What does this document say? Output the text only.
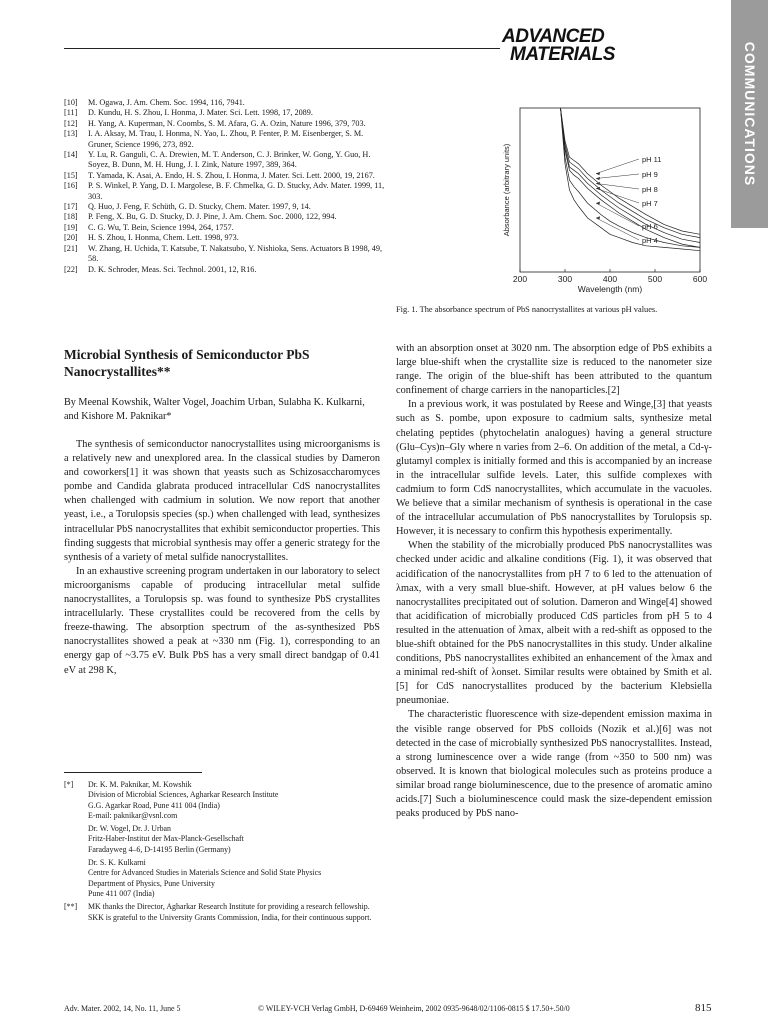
ADVANCED
MATERIALS	COMMUNICATIONS
[10] M. Ogawa, J. Am. Chem. Soc. 1994, 116, 7941.
[11] D. Kundu, H. S. Zhou, I. Honma, J. Mater. Sci. Lett. 1998, 17, 2089.
[12] H. Yang, A. Kuperman, N. Coombs, S. M. Afara, G. A. Ozin, Nature 1996, 379, 703.
[13] I. A. Aksay, M. Trau, I. Honma, N. Yao, L. Zhou, P. Fenter, P. M. Eisenberger, S. M. Gruner, Science 1996, 273, 892.
[14] Y. Lu, R. Ganguli, C. A. Drewien, M. T. Anderson, C. J. Brinker, W. Gong, Y. Guo, H. Soyez, B. Dunn, M. H. Hung, J. I. Zink, Nature 1997, 389, 364.
[15] T. Yamada, K. Asai, A. Endo, H. S. Zhou, I. Honma, J. Mater. Sci. Lett. 2000, 19, 2167.
[16] P. S. Winkel, P. Yang, D. I. Margolese, B. F. Chmelka, G. D. Stucky, Adv. Mater. 1999, 11, 303.
[17] Q. Huo, J. Feng, F. Schüth, G. D. Stucky, Chem. Mater. 1997, 9, 14.
[18] P. Feng, X. Bu, G. D. Stucky, D. J. Pine, J. Am. Chem. Soc. 2000, 122, 994.
[19] C. G. Wu, T. Bein, Science 1994, 264, 1757.
[20] H. S. Zhou, I. Honma, Chem. Lett. 1998, 973.
[21] W. Zhang, H. Uchida, T. Katsube, T. Nakatsubo, Y. Nishioka, Sens. Actuators B 1998, 49, 58.
[22] D. K. Schroder, Meas. Sci. Technol. 2001, 12, R16.
200	300	400	500	600
Wavelength (nm)
Absorbance (arbitrary units)	pH 11
pH 9
pH 8
pH 7
pH 6
pH 4
Fig. 1. The absorbance spectrum of PbS nanocrystallites at various pH values.
Microbial Synthesis of Semiconductor PbS Nanocrystallites**
By Meenal Kowshik, Walter Vogel, Joachim Urban, Sulabha K. Kulkarni, and Kishore M. Paknikar*

The synthesis of semiconductor nanocrystallites using microorganisms is a relatively new and unexplored area. In the classical studies by Dameron and coworkers[1] it was shown that yeasts such as Schizosaccharomyces pombe and Candida glabrata produced intracellular CdS nanocrystallites when challenged with cadmium in solution. We now report that another yeast, i.e., a Torulopsis species (sp.) when challenged with lead, synthesizes intracellular PbS nanocrystallites that exhibit semiconductor properties. This finding suggests that microbial synthesis may offer a generic strategy for the synthesis of a variety of metal sulfide nanocrystallites.

In an exhaustive screening program undertaken in our laboratory to select microorganisms capable of producing intracellular metal sulfide nanocrystallites, a Torulopsis sp. was found to synthesize PbS crystallites intracellularly. These crystallites could be recovered from the cells by freeze-thawing. The absorption spectrum of the as-synthesized PbS nanocrystallites showed a peak at ~330 nm (Fig. 1), corresponding to an energy gap of ~3.75 eV. Bulk PbS has a very small direct bandgap of 0.41 eV at 298 K,

with an absorption onset at 3020 nm. The absorption edge of PbS exhibits a large blue-shift when the crystallite size is reduced to the nanometer size range. The origin of the blue-shift has been attributed to the quantum confinement of charge carriers in the nanoparticles.[2]

In a previous work, it was postulated by Reese and Winge,[3] that yeasts such as S. pombe, upon exposure to cadmium salts, synthesize metal chelating peptides (phytochelatin analogues) having a general structure (Glu–Cys)n–Gly where n varies from 2–6. On addition of the metal, a Cd-γ-glutamyl complex is initially formed and this is accompanied by an increase in the intracellular sulfide levels. Later, this sulfide complexes with cadmium to form CdS nanocrystallites, which accumulate in the vacuoles. We believe that a similar mechanism of synthesis is operational in the case of the intracellular accumulation of PbS nanocrystallites by Torulopsis sp. However, it is necessary to confirm this hypothesis experimentally.

When the stability of the microbially produced PbS nanocrystallites was checked under acidic and alkaline conditions (Fig. 1), it was observed that acidification of the nanocrystallites from pH 7 to 6 led to the attenuation of λmax, with a very small blue-shift. However, at pH values below 6 the nanocrystallites precipitated out of solution. Dameron and Winge[4] showed that acidification of microbially produced CdS particles from pH 5 to 4 resulted in the attenuation of λmax, albeit with a red-shift as opposed to the blue-shift obtained for the PbS nanocrystallites in this study. Under alkaline conditions, PbS nanocrystallites exhibited an enhancement of the λmax and a minimal red-shift of λonset. Similar results were obtained by Smith et al.[5] for CdS nanocrystallites produced by the bacterium Klebsiella pneumoniae.

The characteristic fluorescence with size-dependent emission maxima in the visible range observed for PbS colloids (Nozik et al.)[6] was not detected in the case of microbially synthesized PbS nanocrystallites. Instead, a strong luminescence over a wide range (from ~350 to 500 nm) was observed. It is known that biological molecules such as proteins produce a similar broad range bioluminescence, due to the presence of aromatic amino acids.[7] Such a bioluminescence could mask the size-dependent emission peaks produced by PbS nano-

[*] Dr. K. M. Paknikar, M. Kowshik
Division of Microbial Sciences, Agharkar Research Institute
G.G. Agarkar Road, Pune 411 004 (India)
E-mail: paknikar@vsnl.com
Dr. W. Vogel, Dr. J. Urban
Fritz-Haber-Institut der Max-Planck-Gesellschaft
Faradayweg 4–6, D-14195 Berlin (Germany)
Dr. S. K. Kulkarni
Centre for Advanced Studies in Materials Science and Solid State Physics
Department of Physics, Pune University
Pune 411 007 (India)
[**] MK thanks the Director, Agharkar Research Institute for providing a research fellowship. SKK is grateful to the University Grants Commission, India, for their continuous support.
Adv. Mater. 2002, 14, No. 11, June 5	© WILEY-VCH Verlag GmbH, D-69469 Weinheim, 2002 0935-9648/02/1106-0815 $ 17.50+.50/0	815
